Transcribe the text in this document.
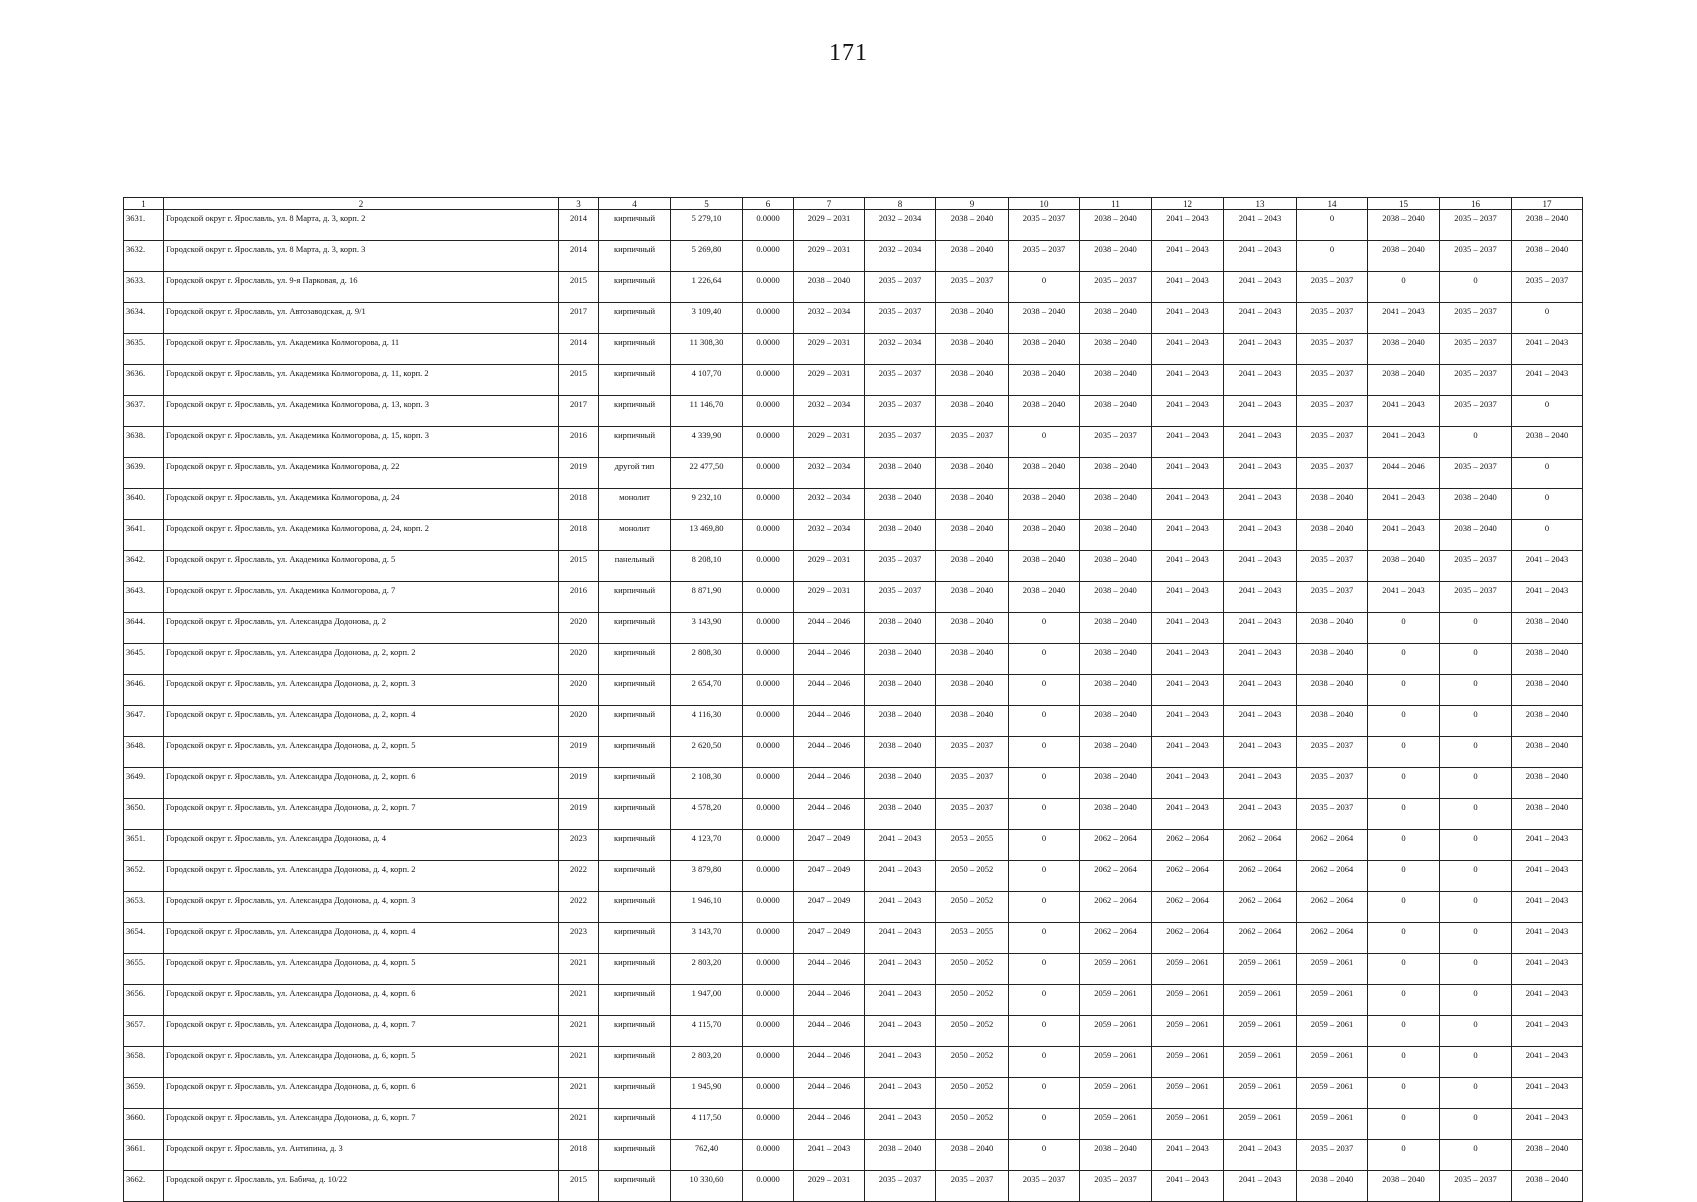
171
1	2	3	4	5	6	7	8	9	10	11	12	13	14	15	16	17
3631.	Городской округ г. Ярославль, ул. 8 Марта, д. 3, корп. 2	2014	кирпичный	5 279,10	0.0000	2029 – 2031	2032 – 2034	2038 – 2040	2035 – 2037	2038 – 2040	2041 – 2043	2041 – 2043	0	2038 – 2040	2035 – 2037	2038 – 2040
3632.	Городской округ г. Ярославль, ул. 8 Марта, д. 3, корп. 3	2014	кирпичный	5 269,80	0.0000	2029 – 2031	2032 – 2034	2038 – 2040	2035 – 2037	2038 – 2040	2041 – 2043	2041 – 2043	0	2038 – 2040	2035 – 2037	2038 – 2040
3633.	Городской округ г. Ярославль, ул. 9-я Парковая, д. 16	2015	кирпичный	1 226,64	0.0000	2038 – 2040	2035 – 2037	2035 – 2037	0	2035 – 2037	2041 – 2043	2041 – 2043	2035 – 2037	0	0	2035 – 2037
3634.	Городской округ г. Ярославль, ул. Автозаводская, д. 9/1	2017	кирпичный	3 109,40	0.0000	2032 – 2034	2035 – 2037	2038 – 2040	2038 – 2040	2038 – 2040	2041 – 2043	2041 – 2043	2035 – 2037	2041 – 2043	2035 – 2037	0
3635.	Городской округ г. Ярославль, ул. Академика Колмогорова, д. 11	2014	кирпичный	11 308,30	0.0000	2029 – 2031	2032 – 2034	2038 – 2040	2038 – 2040	2038 – 2040	2041 – 2043	2041 – 2043	2035 – 2037	2038 – 2040	2035 – 2037	2041 – 2043
3636.	Городской округ г. Ярославль, ул. Академика Колмогорова, д. 11, корп. 2	2015	кирпичный	4 107,70	0.0000	2029 – 2031	2035 – 2037	2038 – 2040	2038 – 2040	2038 – 2040	2041 – 2043	2041 – 2043	2035 – 2037	2038 – 2040	2035 – 2037	2041 – 2043
3637.	Городской округ г. Ярославль, ул. Академика Колмогорова, д. 13, корп. 3	2017	кирпичный	11 146,70	0.0000	2032 – 2034	2035 – 2037	2038 – 2040	2038 – 2040	2038 – 2040	2041 – 2043	2041 – 2043	2035 – 2037	2041 – 2043	2035 – 2037	0
3638.	Городской округ г. Ярославль, ул. Академика Колмогорова, д. 15, корп. 3	2016	кирпичный	4 339,90	0.0000	2029 – 2031	2035 – 2037	2035 – 2037	0	2035 – 2037	2041 – 2043	2041 – 2043	2035 – 2037	2041 – 2043	0	2038 – 2040
3639.	Городской округ г. Ярославль, ул. Академика Колмогорова, д. 22	2019	другой тип	22 477,50	0.0000	2032 – 2034	2038 – 2040	2038 – 2040	2038 – 2040	2038 – 2040	2041 – 2043	2041 – 2043	2035 – 2037	2044 – 2046	2035 – 2037	0
3640.	Городской округ г. Ярославль, ул. Академика Колмогорова, д. 24	2018	монолит	9 232,10	0.0000	2032 – 2034	2038 – 2040	2038 – 2040	2038 – 2040	2038 – 2040	2041 – 2043	2041 – 2043	2038 – 2040	2041 – 2043	2038 – 2040	0
3641.	Городской округ г. Ярославль, ул. Академика Колмогорова, д. 24, корп. 2	2018	монолит	13 469,80	0.0000	2032 – 2034	2038 – 2040	2038 – 2040	2038 – 2040	2038 – 2040	2041 – 2043	2041 – 2043	2038 – 2040	2041 – 2043	2038 – 2040	0
3642.	Городской округ г. Ярославль, ул. Академика Колмогорова, д. 5	2015	панельный	8 208,10	0.0000	2029 – 2031	2035 – 2037	2038 – 2040	2038 – 2040	2038 – 2040	2041 – 2043	2041 – 2043	2035 – 2037	2038 – 2040	2035 – 2037	2041 – 2043
3643.	Городской округ г. Ярославль, ул. Академика Колмогорова, д. 7	2016	кирпичный	8 871,90	0.0000	2029 – 2031	2035 – 2037	2038 – 2040	2038 – 2040	2038 – 2040	2041 – 2043	2041 – 2043	2035 – 2037	2041 – 2043	2035 – 2037	2041 – 2043
3644.	Городской округ г. Ярославль, ул. Александра Додонова, д. 2	2020	кирпичный	3 143,90	0.0000	2044 – 2046	2038 – 2040	2038 – 2040	0	2038 – 2040	2041 – 2043	2041 – 2043	2038 – 2040	0	0	2038 – 2040
3645.	Городской округ г. Ярославль, ул. Александра Додонова, д. 2, корп. 2	2020	кирпичный	2 808,30	0.0000	2044 – 2046	2038 – 2040	2038 – 2040	0	2038 – 2040	2041 – 2043	2041 – 2043	2038 – 2040	0	0	2038 – 2040
3646.	Городской округ г. Ярославль, ул. Александра Додонова, д. 2, корп. 3	2020	кирпичный	2 654,70	0.0000	2044 – 2046	2038 – 2040	2038 – 2040	0	2038 – 2040	2041 – 2043	2041 – 2043	2038 – 2040	0	0	2038 – 2040
3647.	Городской округ г. Ярославль, ул. Александра Додонова, д. 2, корп. 4	2020	кирпичный	4 116,30	0.0000	2044 – 2046	2038 – 2040	2038 – 2040	0	2038 – 2040	2041 – 2043	2041 – 2043	2038 – 2040	0	0	2038 – 2040
3648.	Городской округ г. Ярославль, ул. Александра Додонова, д. 2, корп. 5	2019	кирпичный	2 620,50	0.0000	2044 – 2046	2038 – 2040	2035 – 2037	0	2038 – 2040	2041 – 2043	2041 – 2043	2035 – 2037	0	0	2038 – 2040
3649.	Городской округ г. Ярославль, ул. Александра Додонова, д. 2, корп. 6	2019	кирпичный	2 108,30	0.0000	2044 – 2046	2038 – 2040	2035 – 2037	0	2038 – 2040	2041 – 2043	2041 – 2043	2035 – 2037	0	0	2038 – 2040
3650.	Городской округ г. Ярославль, ул. Александра Додонова, д. 2, корп. 7	2019	кирпичный	4 578,20	0.0000	2044 – 2046	2038 – 2040	2035 – 2037	0	2038 – 2040	2041 – 2043	2041 – 2043	2035 – 2037	0	0	2038 – 2040
3651.	Городской округ г. Ярославль, ул. Александра Додонова, д. 4	2023	кирпичный	4 123,70	0.0000	2047 – 2049	2041 – 2043	2053 – 2055	0	2062 – 2064	2062 – 2064	2062 – 2064	2062 – 2064	0	0	2041 – 2043
3652.	Городской округ г. Ярославль, ул. Александра Додонова, д. 4, корп. 2	2022	кирпичный	3 879,80	0.0000	2047 – 2049	2041 – 2043	2050 – 2052	0	2062 – 2064	2062 – 2064	2062 – 2064	2062 – 2064	0	0	2041 – 2043
3653.	Городской округ г. Ярославль, ул. Александра Додонова, д. 4, корп. 3	2022	кирпичный	1 946,10	0.0000	2047 – 2049	2041 – 2043	2050 – 2052	0	2062 – 2064	2062 – 2064	2062 – 2064	2062 – 2064	0	0	2041 – 2043
3654.	Городской округ г. Ярославль, ул. Александра Додонова, д. 4, корп. 4	2023	кирпичный	3 143,70	0.0000	2047 – 2049	2041 – 2043	2053 – 2055	0	2062 – 2064	2062 – 2064	2062 – 2064	2062 – 2064	0	0	2041 – 2043
3655.	Городской округ г. Ярославль, ул. Александра Додонова, д. 4, корп. 5	2021	кирпичный	2 803,20	0.0000	2044 – 2046	2041 – 2043	2050 – 2052	0	2059 – 2061	2059 – 2061	2059 – 2061	2059 – 2061	0	0	2041 – 2043
3656.	Городской округ г. Ярославль, ул. Александра Додонова, д. 4, корп. 6	2021	кирпичный	1 947,00	0.0000	2044 – 2046	2041 – 2043	2050 – 2052	0	2059 – 2061	2059 – 2061	2059 – 2061	2059 – 2061	0	0	2041 – 2043
3657.	Городской округ г. Ярославль, ул. Александра Додонова, д. 4, корп. 7	2021	кирпичный	4 115,70	0.0000	2044 – 2046	2041 – 2043	2050 – 2052	0	2059 – 2061	2059 – 2061	2059 – 2061	2059 – 2061	0	0	2041 – 2043
3658.	Городской округ г. Ярославль, ул. Александра Додонова, д. 6, корп. 5	2021	кирпичный	2 803,20	0.0000	2044 – 2046	2041 – 2043	2050 – 2052	0	2059 – 2061	2059 – 2061	2059 – 2061	2059 – 2061	0	0	2041 – 2043
3659.	Городской округ г. Ярославль, ул. Александра Додонова, д. 6, корп. 6	2021	кирпичный	1 945,90	0.0000	2044 – 2046	2041 – 2043	2050 – 2052	0	2059 – 2061	2059 – 2061	2059 – 2061	2059 – 2061	0	0	2041 – 2043
3660.	Городской округ г. Ярославль, ул. Александра Додонова, д. 6, корп. 7	2021	кирпичный	4 117,50	0.0000	2044 – 2046	2041 – 2043	2050 – 2052	0	2059 – 2061	2059 – 2061	2059 – 2061	2059 – 2061	0	0	2041 – 2043
3661.	Городской округ г. Ярославль, ул. Антипина, д. 3	2018	кирпичный	762,40	0.0000	2041 – 2043	2038 – 2040	2038 – 2040	0	2038 – 2040	2041 – 2043	2041 – 2043	2035 – 2037	0	0	2038 – 2040
3662.	Городской округ г. Ярославль, ул. Бабича, д. 10/22	2015	кирпичный	10 330,60	0.0000	2029 – 2031	2035 – 2037	2035 – 2037	2035 – 2037	2035 – 2037	2041 – 2043	2041 – 2043	2038 – 2040	2038 – 2040	2035 – 2037	2038 – 2040
